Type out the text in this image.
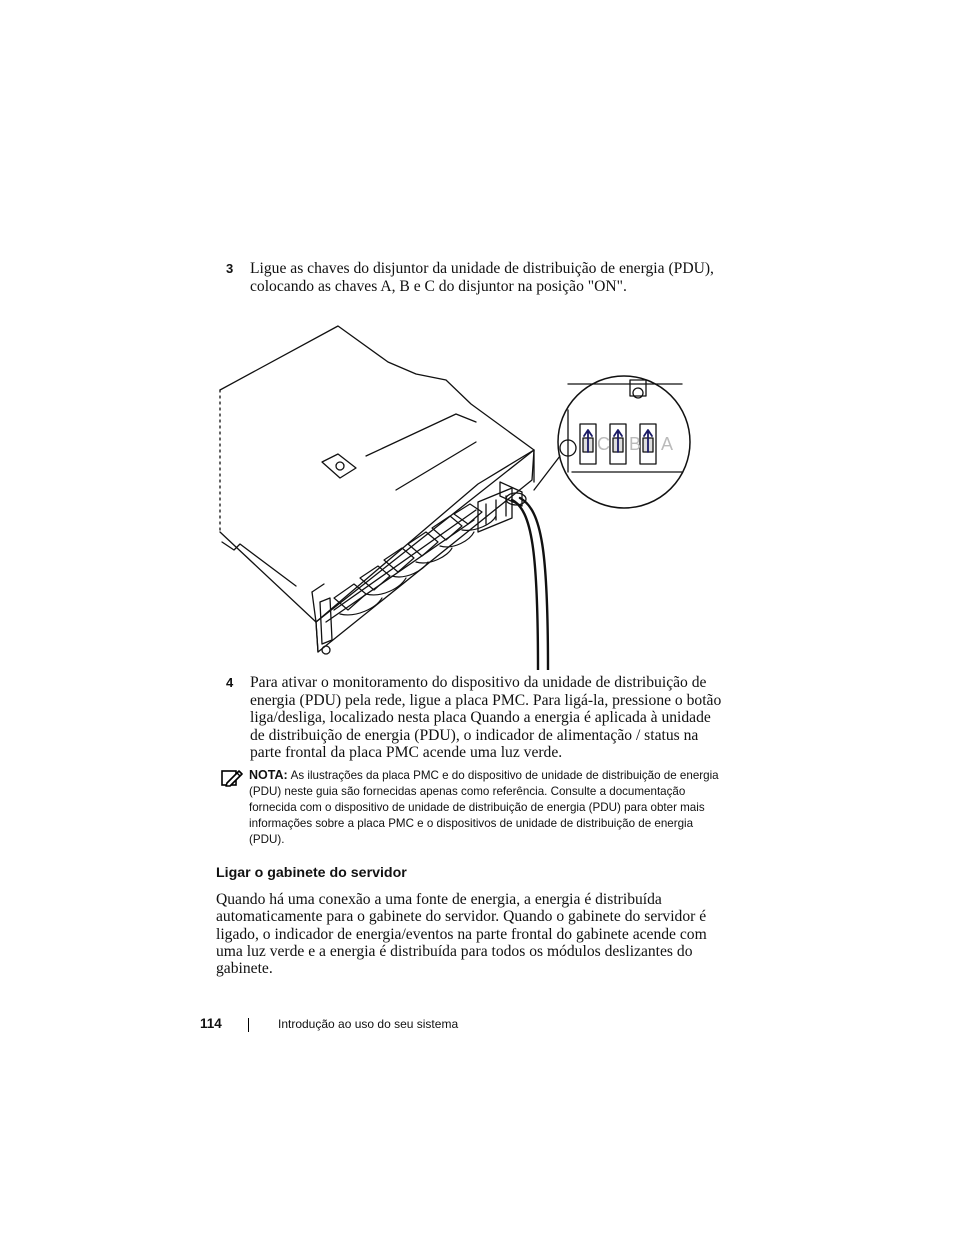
3 Ligue as chaves do disjuntor da unidade de distribuição de energia (PDU), colocando as chaves A, B e C do disjuntor na posição "ON".
C B A
4 Para ativar o monitoramento do dispositivo da unidade de distribuição de energia (PDU) pela rede, ligue a placa PMC. Para ligá-la, pressione o botão liga/desliga, localizado nesta placa Quando a energia é aplicada à unidade de distribuição de energia (PDU), o indicador de alimentação / status na parte frontal da placa PMC acende uma luz verde.
NOTA: As ilustrações da placa PMC e do dispositivo de unidade de distribuição de energia (PDU) neste guia são fornecidas apenas como referência. Consulte a documentação fornecida com o dispositivo de unidade de distribuição de energia (PDU) para obter mais informações sobre a placa PMC e o dispositivos de unidade de distribuição de energia (PDU).
Ligar o gabinete do servidor
Quando há uma conexão a uma fonte de energia, a energia é distribuída automaticamente para o gabinete do servidor. Quando o gabinete do servidor é ligado, o indicador de energia/eventos na parte frontal do gabinete acende com uma luz verde e a energia é distribuída para todos os módulos deslizantes do gabinete.
114	Introdução ao uso do seu sistema
